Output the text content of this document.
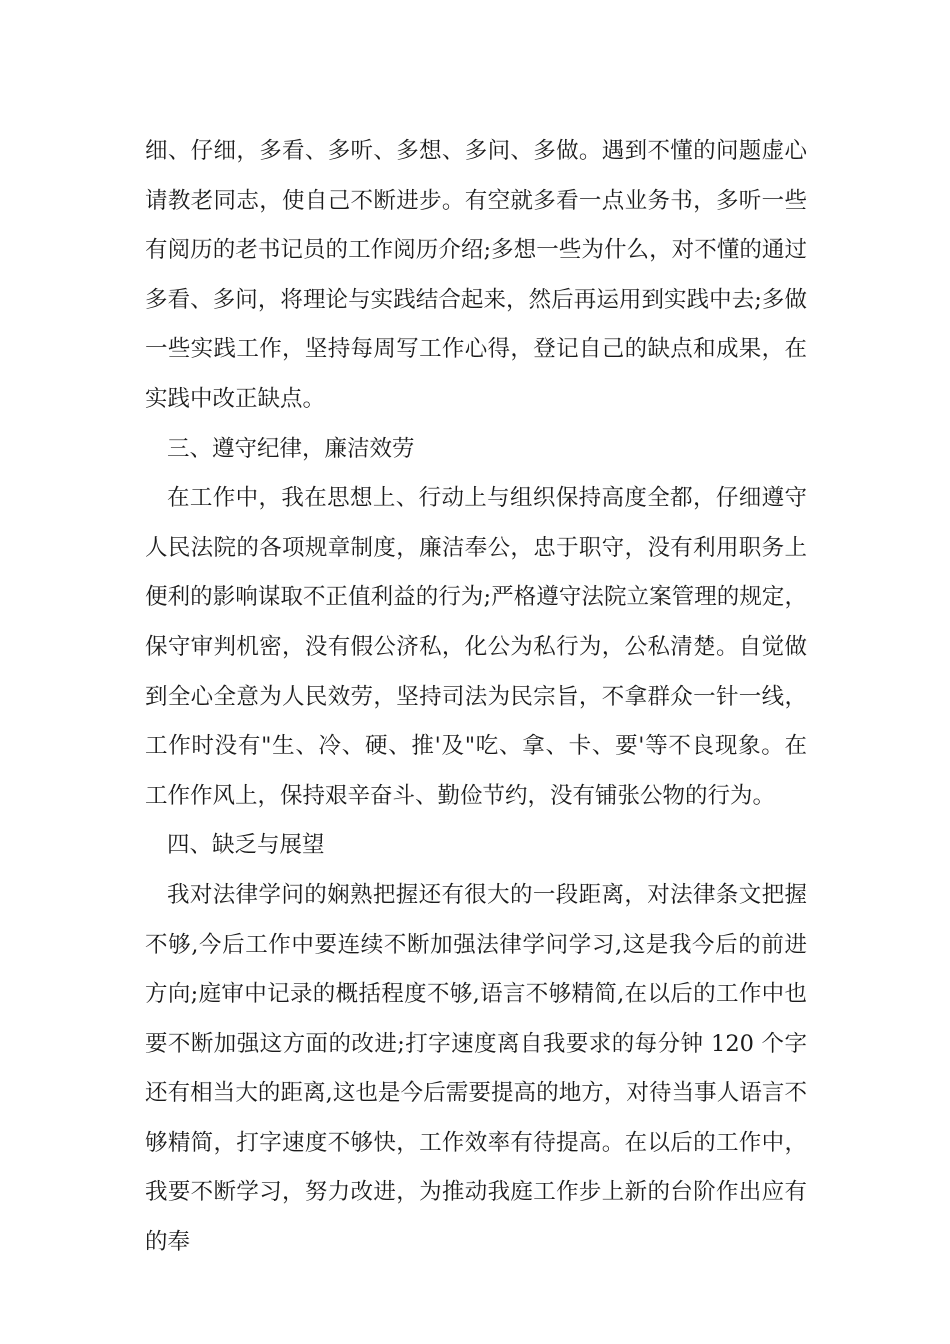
细、仔细，多看、多听、多想、多问、多做。遇到不懂的问题虚心请教老同志，使自己不断进步。有空就多看一点业务书，多听一些有阅历的老书记员的工作阅历介绍;多想一些为什么，对不懂的通过多看、多问，将理论与实践结合起来，然后再运用到实践中去;多做一些实践工作，坚持每周写工作心得，登记自己的缺点和成果，在实践中改正缺点。

三、遵守纪律，廉洁效劳

在工作中，我在思想上、行动上与组织保持高度全都，仔细遵守人民法院的各项规章制度，廉洁奉公，忠于职守，没有利用职务上便利的影响谋取不正值利益的行为;严格遵守法院立案管理的规定，保守审判机密，没有假公济私，化公为私行为，公私清楚。自觉做到全心全意为人民效劳，坚持司法为民宗旨，不拿群众一针一线，工作时没有"生、冷、硬、推'及"吃、拿、卡、要'等不良现象。在工作作风上，保持艰辛奋斗、勤俭节约，没有铺张公物的行为。

四、缺乏与展望

我对法律学问的娴熟把握还有很大的一段距离，对法律条文把握不够,今后工作中要连续不断加强法律学问学习,这是我今后的前进方向;庭审中记录的概括程度不够,语言不够精简,在以后的工作中也要不断加强这方面的改进;打字速度离自我要求的每分钟 120 个字还有相当大的距离,这也是今后需要提高的地方，对待当事人语言不够精简，打字速度不够快，工作效率有待提高。在以后的工作中，我要不断学习，努力改进，为推动我庭工作步上新的台阶作出应有的奉
